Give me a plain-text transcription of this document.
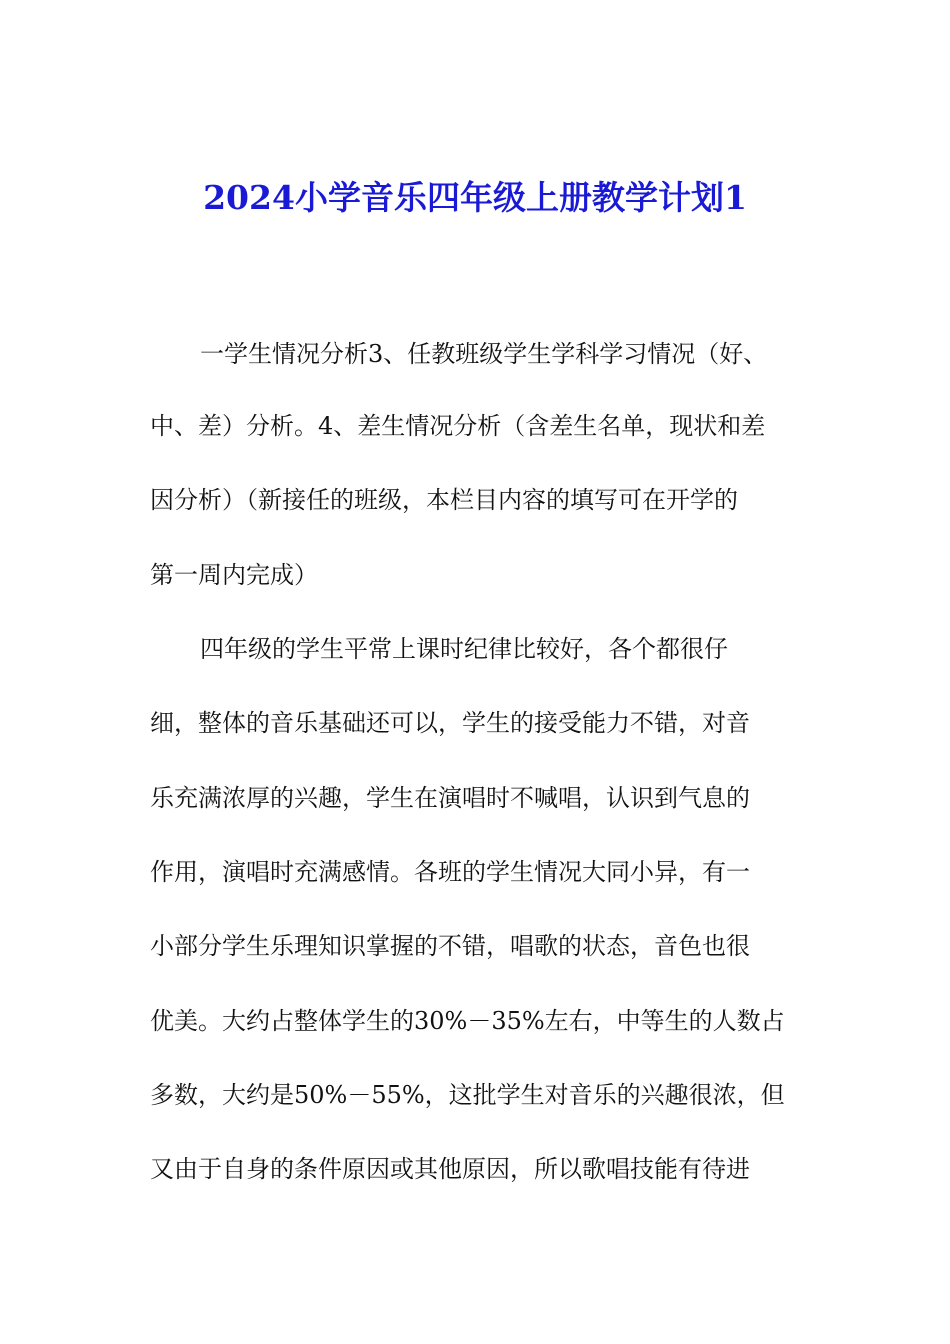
2024小学音乐四年级上册教学计划1

一学生情况分析3、任教班级学生学科学习情况（好、

中、差）分析。4、差生情况分析（含差生名单，现状和差

因分析）（新接任的班级，本栏目内容的填写可在开学的

第一周内完成）

四年级的学生平常上课时纪律比较好，各个都很仔

细，整体的音乐基础还可以，学生的接受能力不错，对音

乐充满浓厚的兴趣，学生在演唱时不喊唱，认识到气息的

作用，演唱时充满感情。各班的学生情况大同小异，有一

小部分学生乐理知识掌握的不错，唱歌的状态，音色也很

优美。大约占整体学生的30%－35%左右，中等生的人数占

多数，大约是50%－55%，这批学生对音乐的兴趣很浓，但

又由于自身的条件原因或其他原因，所以歌唱技能有待进
